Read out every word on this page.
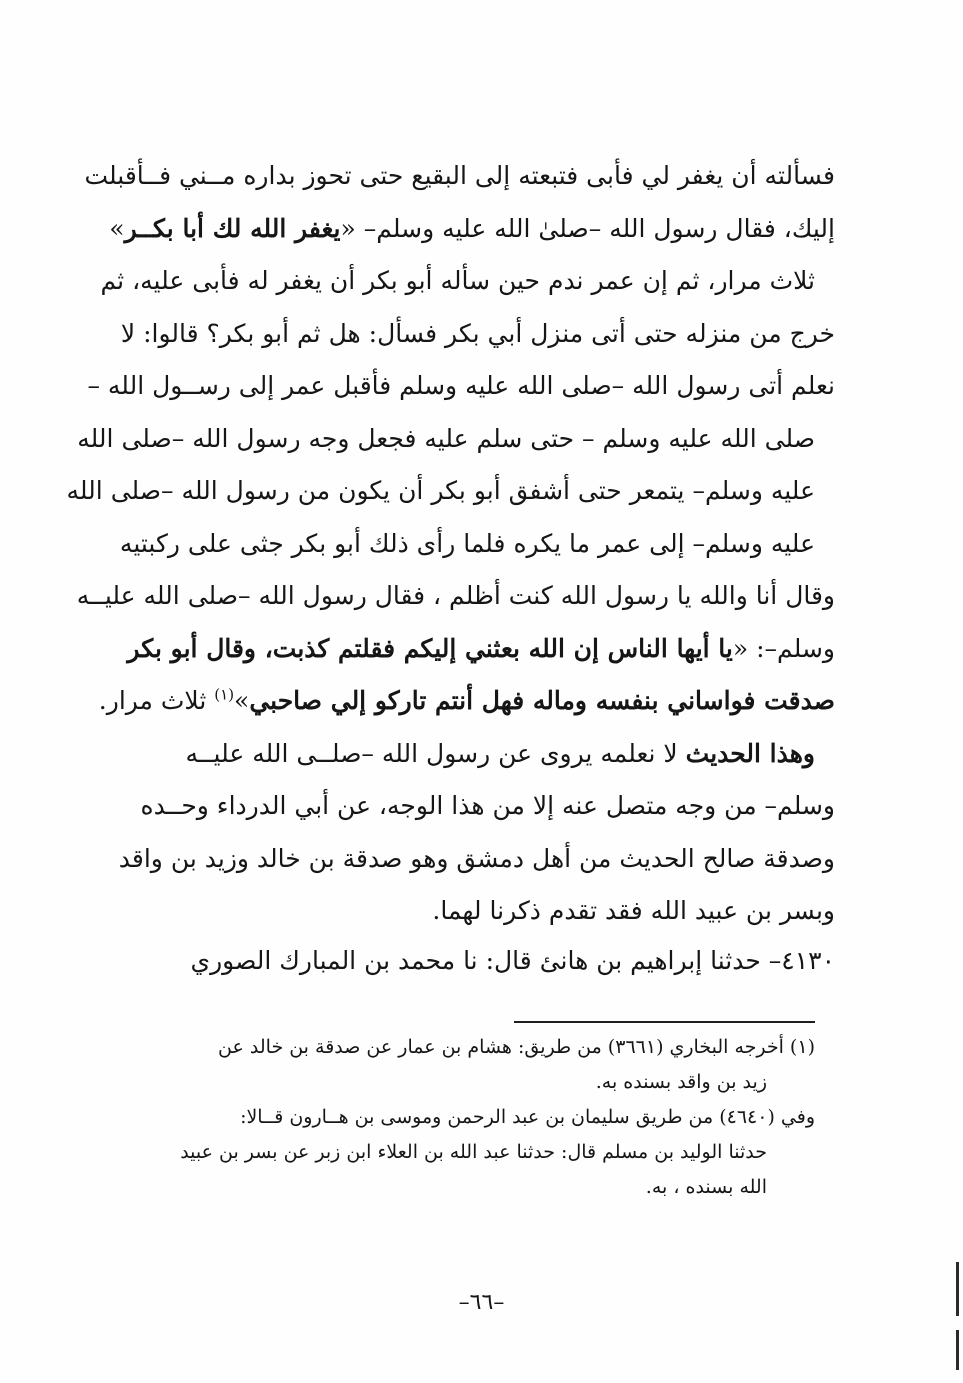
فسألته أن يغفر لي فأبى فتبعته إلى البقيع حتى تحوز بداره مــني فــأقبلت
إليك، فقال رسول الله –صلىٰ الله عليه وسلم– «يغفر الله لك أبا بكــر»
ثلاث مرار، ثم إن عمر ندم حين سأله أبو بكر أن يغفر له فأبى عليه، ثم
خرج من منزله حتى أتى منزل أبي بكر فسأل: هل ثم أبو بكر؟ قالوا: لا
نعلم أتى رسول الله –صلى الله عليه وسلم فأقبل عمر إلى رســول الله –
صلى الله عليه وسلم – حتى سلم عليه فجعل وجه رسول الله –صلى الله
عليه وسلم– يتمعر حتى أشفق أبو بكر أن يكون من رسول الله –صلى الله
عليه وسلم– إلى عمر ما يكره فلما رأى ذلك أبو بكر جثى على ركبتيه
وقال أنا والله يا رسول الله كنت أظلم ، فقال رسول الله –صلى الله عليــه
وسلم–: «يا أيها الناس إن الله بعثني إليكم فقلتم كذبت، وقال أبو بكر
صدقت فواساني بنفسه وماله فهل أنتم تاركو إلي صاحبي»$^{(١)}$ ثلاث مرار.
وهذا الحديث لا نعلمه يروى عن رسول الله –صلــى الله عليــه
وسلم– من وجه متصل عنه إلا من هذا الوجه، عن أبي الدرداء وحــده
وصدقة صالح الحديث من أهل دمشق وهو صدقة بن خالد وزيد بن واقد
وبسر بن عبيد الله فقد تقدم ذكرنا لهما.
٤١٣٠– حدثنا إبراهيم بن هانئ قال: نا محمد بن المبارك الصوري
(١) أخرجه البخاري (٣٦٦١) من طريق: هشام بن عمار عن صدقة بن خالد عن
زيد بن واقد بسنده به.
وفي (٤٦٤٠) من طريق سليمان بن عبد الرحمن وموسى بن هــارون قــالا:
حدثنا الوليد بن مسلم قال: حدثنا عبد الله بن العلاء ابن زبر عن بسر بن عبيد
الله بسنده ، به.
–٦٦–
